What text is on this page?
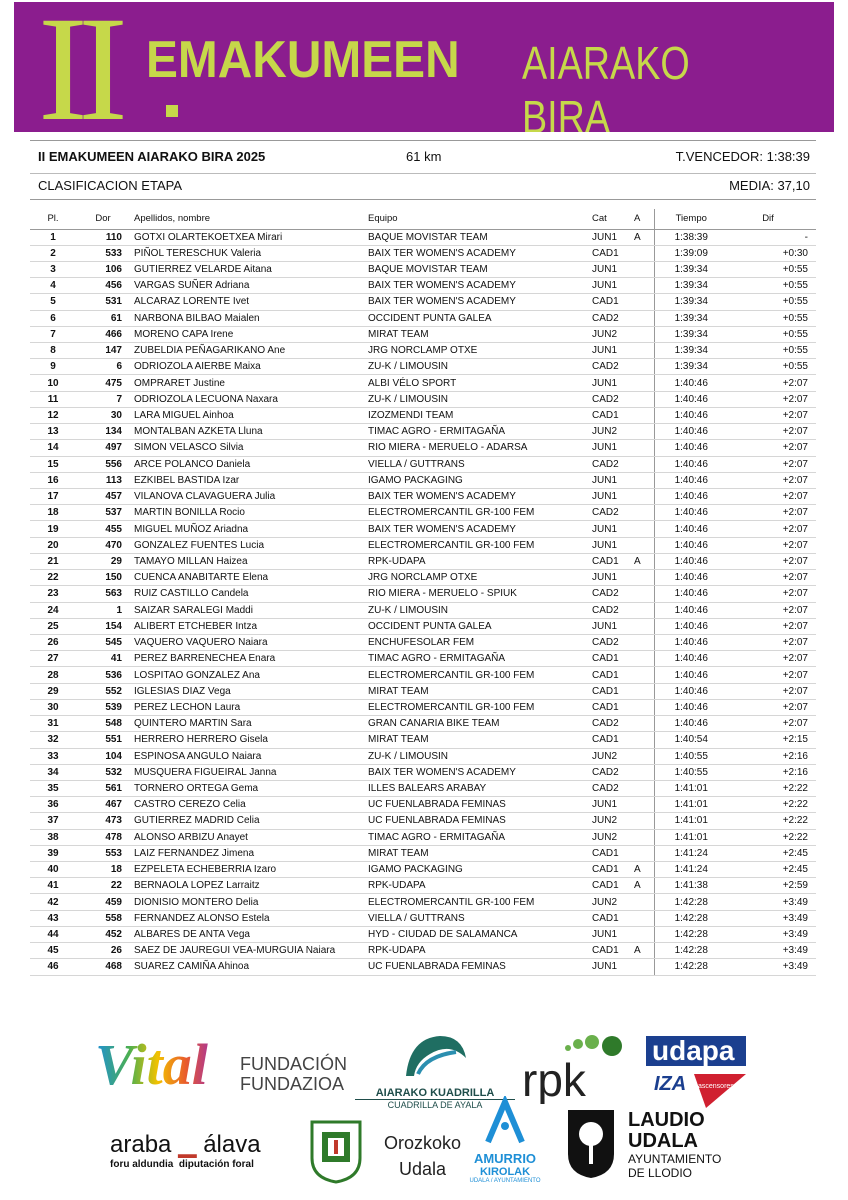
II EMAKUMEEN AIARAKO BIRA
II EMAKUMEEN AIARAKO BIRA 2025	61 km	T.VENCEDOR: 1:38:39
CLASIFICACION ETAPA	MEDIA: 37,10
Pl.	Dor	Apellidos, nombre	Equipo	Cat	A	Tiempo	Dif
1	110	GOTXI OLARTEKOETXEA Mirari	BAQUE MOVISTAR TEAM	JUN1	A	1:38:39	-
2	533	PIÑOL TERESCHUK Valeria	BAIX TER WOMEN'S ACADEMY	CAD1		1:39:09	+0:30
3	106	GUTIERREZ VELARDE Aitana	BAQUE MOVISTAR TEAM	JUN1		1:39:34	+0:55
4	456	VARGAS SUÑER Adriana	BAIX TER WOMEN'S ACADEMY	JUN1		1:39:34	+0:55
5	531	ALCARAZ LORENTE Ivet	BAIX TER WOMEN'S ACADEMY	CAD1		1:39:34	+0:55
6	61	NARBONA BILBAO Maialen	OCCIDENT PUNTA GALEA	CAD2		1:39:34	+0:55
7	466	MORENO CAPA Irene	MIRAT TEAM	JUN2		1:39:34	+0:55
8	147	ZUBELDIA PEÑAGARIKANO Ane	JRG NORCLAMP OTXE	JUN1		1:39:34	+0:55
9	6	ODRIOZOLA AIERBE Maixa	ZU-K / LIMOUSIN	CAD2		1:39:34	+0:55
10	475	OMPRARET Justine	ALBI VÉLO SPORT	JUN1		1:40:46	+2:07
11	7	ODRIOZOLA LECUONA Naxara	ZU-K / LIMOUSIN	CAD2		1:40:46	+2:07
12	30	LARA MIGUEL Ainhoa	IZOZMENDI TEAM	CAD1		1:40:46	+2:07
13	134	MONTALBAN AZKETA Lluna	TIMAC AGRO - ERMITAGAÑA	JUN2		1:40:46	+2:07
14	497	SIMON VELASCO Silvia	RIO MIERA - MERUELO - ADARSA	JUN1		1:40:46	+2:07
15	556	ARCE POLANCO Daniela	VIELLA / GUTTRANS	CAD2		1:40:46	+2:07
16	113	EZKIBEL BASTIDA Izar	IGAMO PACKAGING	JUN1		1:40:46	+2:07
17	457	VILANOVA CLAVAGUERA Julia	BAIX TER WOMEN'S ACADEMY	JUN1		1:40:46	+2:07
18	537	MARTIN BONILLA Rocio	ELECTROMERCANTIL GR-100 FEM	CAD2		1:40:46	+2:07
19	455	MIGUEL MUÑOZ Ariadna	BAIX TER WOMEN'S ACADEMY	JUN1		1:40:46	+2:07
20	470	GONZALEZ FUENTES Lucia	ELECTROMERCANTIL GR-100 FEM	JUN1		1:40:46	+2:07
21	29	TAMAYO MILLAN Haizea	RPK-UDAPA	CAD1	A	1:40:46	+2:07
22	150	CUENCA ANABITARTE Elena	JRG NORCLAMP OTXE	JUN1		1:40:46	+2:07
23	563	RUIZ CASTILLO Candela	RIO MIERA - MERUELO - SPIUK	CAD2		1:40:46	+2:07
24	1	SAIZAR SARALEGI Maddi	ZU-K / LIMOUSIN	CAD2		1:40:46	+2:07
25	154	ALIBERT ETCHEBER Intza	OCCIDENT PUNTA GALEA	JUN1		1:40:46	+2:07
26	545	VAQUERO VAQUERO Naiara	ENCHUFESOLAR FEM	CAD2		1:40:46	+2:07
27	41	PEREZ BARRENECHEA Enara	TIMAC AGRO - ERMITAGAÑA	CAD1		1:40:46	+2:07
28	536	LOSPITAO GONZALEZ Ana	ELECTROMERCANTIL GR-100 FEM	CAD1		1:40:46	+2:07
29	552	IGLESIAS DIAZ Vega	MIRAT TEAM	CAD1		1:40:46	+2:07
30	539	PEREZ LECHON Laura	ELECTROMERCANTIL GR-100 FEM	CAD1		1:40:46	+2:07
31	548	QUINTERO MARTIN Sara	GRAN CANARIA BIKE TEAM	CAD2		1:40:46	+2:07
32	551	HERRERO HERRERO Gisela	MIRAT TEAM	CAD1		1:40:54	+2:15
33	104	ESPINOSA ANGULO Naiara	ZU-K / LIMOUSIN	JUN2		1:40:55	+2:16
34	532	MUSQUERA FIGUEIRAL Janna	BAIX TER WOMEN'S ACADEMY	CAD2		1:40:55	+2:16
35	561	TORNERO ORTEGA Gema	ILLES BALEARS ARABAY	CAD2		1:41:01	+2:22
36	467	CASTRO CEREZO Celia	UC FUENLABRADA FEMINAS	JUN1		1:41:01	+2:22
37	473	GUTIERREZ MADRID Celia	UC FUENLABRADA FEMINAS	JUN2		1:41:01	+2:22
38	478	ALONSO ARBIZU Anayet	TIMAC AGRO - ERMITAGAÑA	JUN2		1:41:01	+2:22
39	553	LAIZ FERNANDEZ Jimena	MIRAT TEAM	CAD1		1:41:24	+2:45
40	18	EZPELETA ECHEBERRIA Izaro	IGAMO PACKAGING	CAD1	A	1:41:24	+2:45
41	22	BERNAOLA LOPEZ Larraitz	RPK-UDAPA	CAD1	A	1:41:38	+2:59
42	459	DIONISIO MONTERO Delia	ELECTROMERCANTIL GR-100 FEM	JUN2		1:42:28	+3:49
43	558	FERNANDEZ ALONSO Estela	VIELLA / GUTTRANS	CAD1		1:42:28	+3:49
44	452	ALBARES DE ANTA Vega	HYD - CIUDAD DE SALAMANCA	JUN1		1:42:28	+3:49
45	26	SAEZ DE JAUREGUI VEA-MURGUIA Naiara	RPK-UDAPA	CAD1	A	1:42:28	+3:49
46	468	SUAREZ CAMIÑA Ahinoa	UC FUENLABRADA FEMINAS	JUN1		1:42:28	+3:49
Vital FUNDACIÓN
FUNDAZIOA	AIARAKO KUADRILLA
CUADRILLA DE AYALA rpk
udapa
IZA ascensores
araba ▁ álava
foru aldundia  diputación foral
Orozkoko
Udala
AMURRIO
KIROLAK
UDALA / AYUNTAMIENTO
LAUDIO
UDALA
AYUNTAMIENTO
DE LLODIO
